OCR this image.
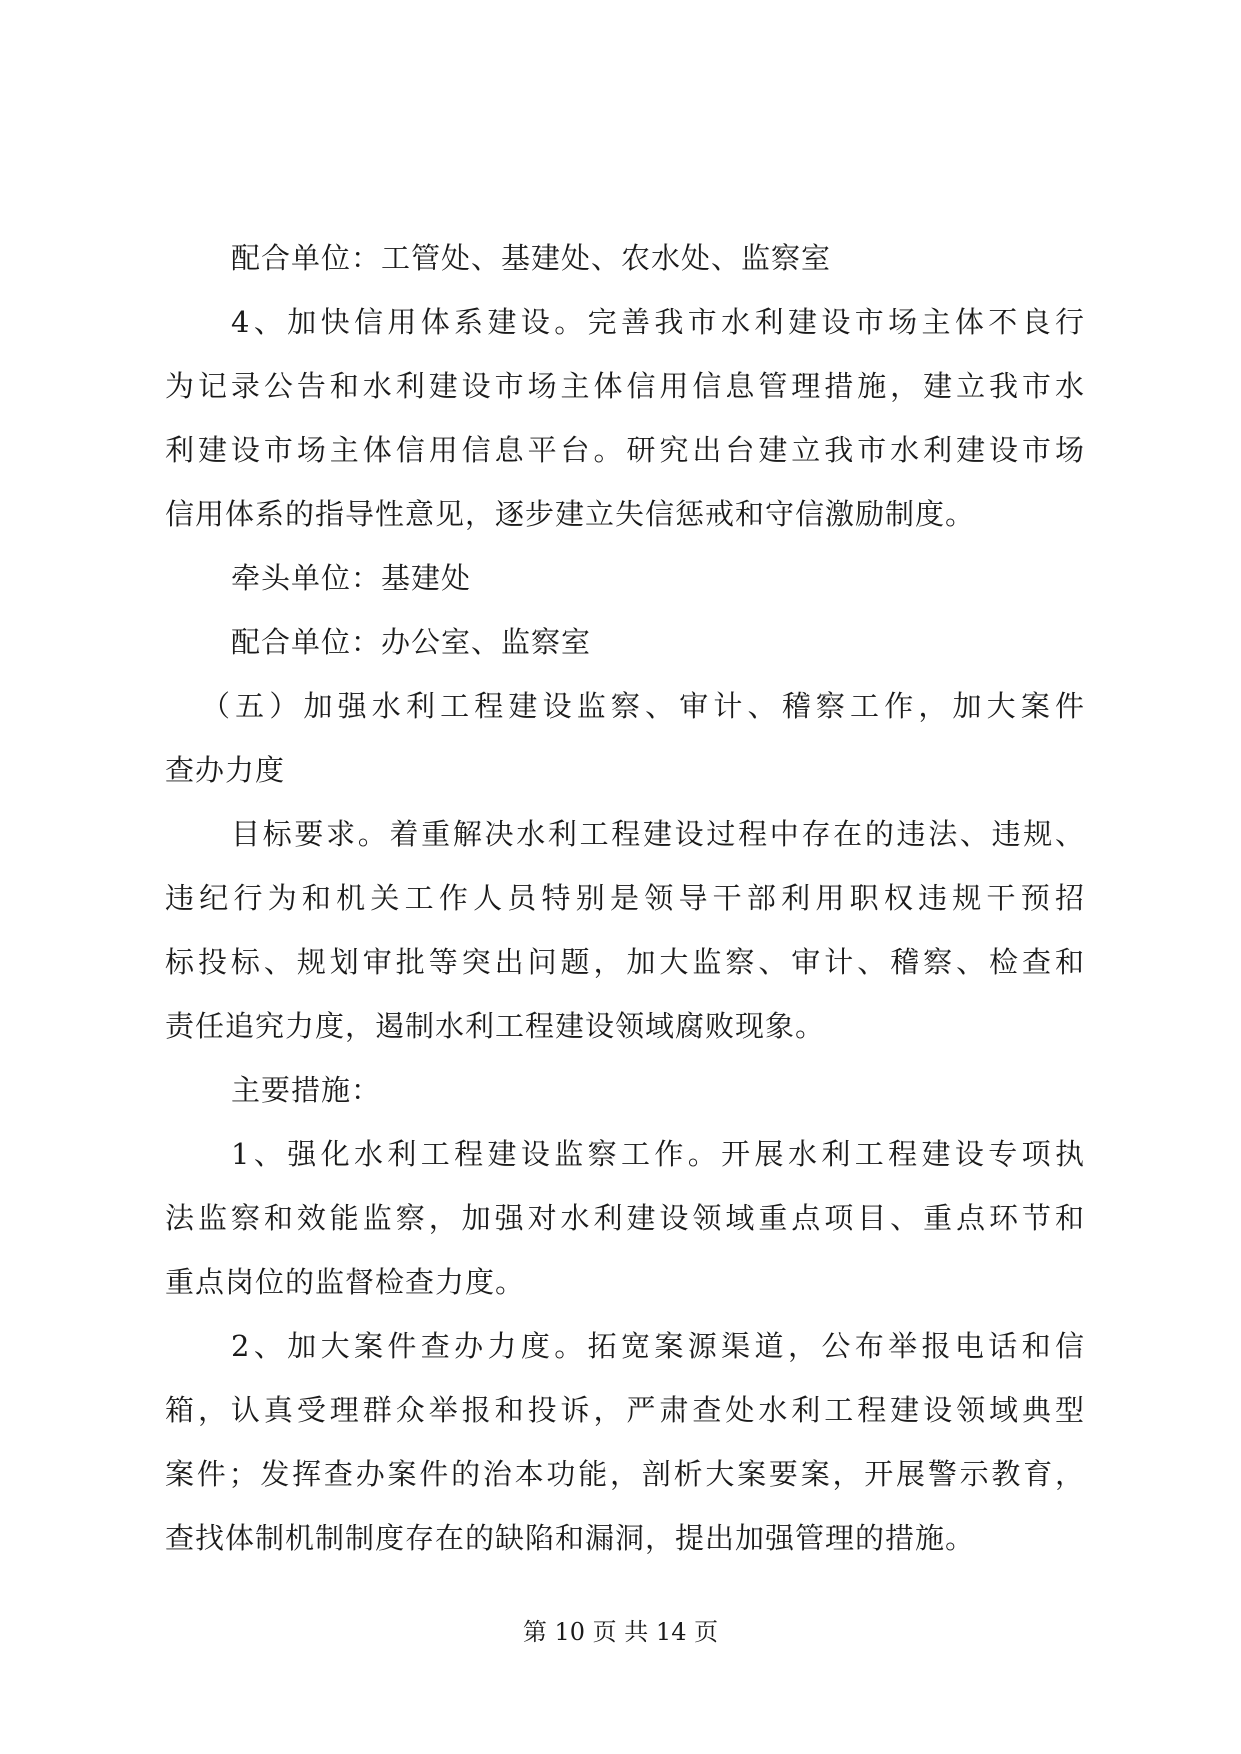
配合单位：工管处、基建处、农水处、监察室
4、加快信用体系建设。完善我市水利建设市场主体不良行
为记录公告和水利建设市场主体信用信息管理措施，建立我市水
利建设市场主体信用信息平台。研究出台建立我市水利建设市场
信用体系的指导性意见，逐步建立失信惩戒和守信激励制度。
牵头单位：基建处
配合单位：办公室、监察室
（五）加强水利工程建设监察、审计、稽察工作，加大案件
查办力度
目标要求。着重解决水利工程建设过程中存在的违法、违规、
违纪行为和机关工作人员特别是领导干部利用职权违规干预招
标投标、规划审批等突出问题，加大监察、审计、稽察、检查和
责任追究力度，遏制水利工程建设领域腐败现象。
主要措施：
1、强化水利工程建设监察工作。开展水利工程建设专项执
法监察和效能监察，加强对水利建设领域重点项目、重点环节和
重点岗位的监督检查力度。
2、加大案件查办力度。拓宽案源渠道，公布举报电话和信
箱，认真受理群众举报和投诉，严肃查处水利工程建设领域典型
案件；发挥查办案件的治本功能，剖析大案要案，开展警示教育，
查找体制机制制度存在的缺陷和漏洞，提出加强管理的措施。
第 10 页 共 14 页
